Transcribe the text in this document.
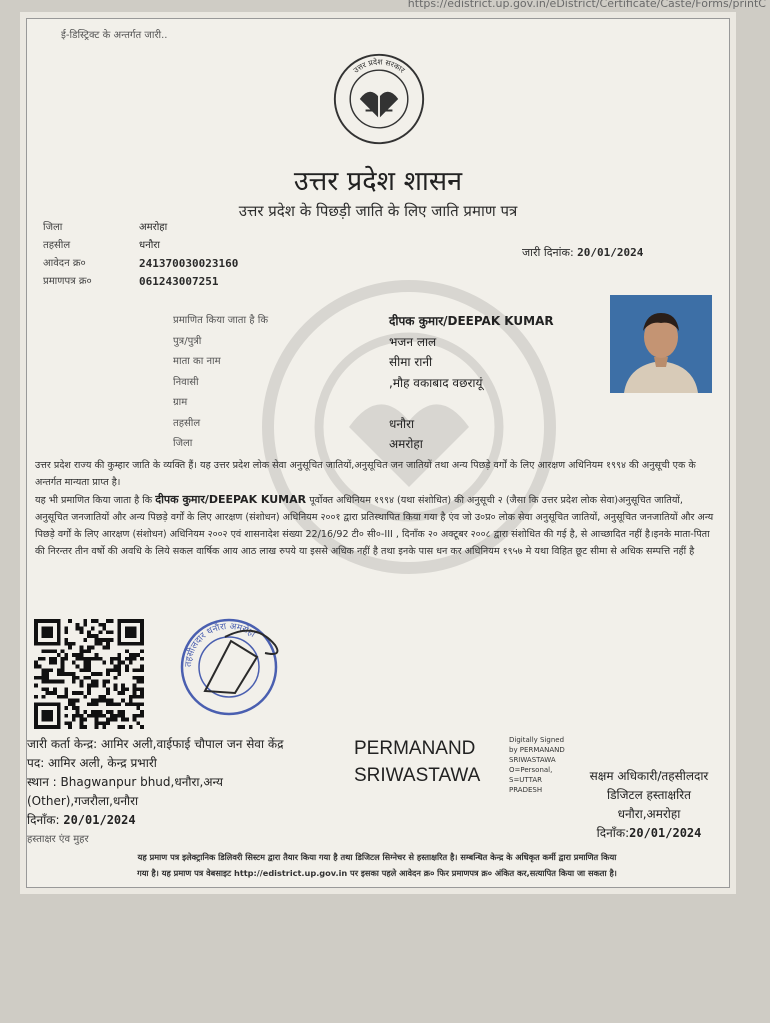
https://edistrict.up.gov.in/eDistrict/Certificate/Caste/Forms/printC
ई-डिस्ट्रिक्ट के अन्तर्गत जारी..
उत्तर प्रदेश सरकार
उत्तर प्रदेश शासन
उत्तर प्रदेश के पिछड़ी जाति के लिए जाति प्रमाण पत्र
जिला	अमरोहा
तहसील	धनौरा
आवेदन क्र०	241370030023160
प्रमाणपत्र क्र०	061243007251
जारी दिनांक: 20/01/2024
प्रमाणित किया जाता है कि	दीपक कुमार/DEEPAK KUMAR
पुत्र/पुत्री	भजन लाल
माता का नाम	सीमा रानी
निवासी	,मौह वकाबाद वछरायूं
ग्राम
तहसील	धनौरा
जिला	अमरोहा
उत्तर प्रदेश राज्य की कुम्हार जाति के व्यक्ति हैं। यह उत्तर प्रदेश लोक सेवा अनुसूचित जातियों,अनुसूचित जन जातियों तथा अन्य पिछड़े वर्गों के लिए आरक्षण अधिनियम १९९४ की अनुसूची एक के अन्तर्गत मान्यता प्राप्त है।
यह भी प्रमाणित किया जाता है कि दीपक कुमार/DEEPAK KUMAR पूर्वोक्त अधिनियम १९९४ (यथा संशोधित) की अनुसूची २ (जैसा कि उत्तर प्रदेश लोक सेवा)अनुसूचित जातियों, अनुसूचित जनजातियों और अन्य पिछड़े वर्गों के लिए आरक्षण (संशोधन) अधिनियम २००१ द्वारा प्रतिस्थापित किया गया है एंव जो उ०प्र० लोक सेवा अनुसूचित जातियों, अनुसूचित जनजातियों और अन्य पिछड़े वर्गों के लिए आरक्षण (संशोधन) अधिनियम २००२ एवं शासनादेश संख्या 22/16/92 टी० सी०-III , दिनाँक २० अक्टूबर २००८ द्वारा संशोधित की गई है, से आच्छादित नहीं है।इनके माता-पिता की निरन्तर तीन वर्षो की अवधि के लिये सकल वार्षिक आय आठ लाख रुपये या इससे अधिक नहीं है तथा इनके पास धन कर अधिनियम १९५७ मे यथा विहित छूट सीमा से अधिक सम्पत्ति नहीं है
तहसीलदार धनौरा अमरोहा
जारी कर्ता केन्द्र: आमिर अली,वाईफाई चौपाल जन सेवा केंद्र
पद: आमिर अली, केन्द्र प्रभारी
स्थान : Bhagwanpur bhud,धनौरा,अन्य (Other),गजरौला,धनौरा
दिनाँक: 20/01/2024
हस्ताक्षर एंव मुहर
PERMANAND
SRIWASTAWA
Digitally Signed by PERMANAND SRIWASTAWA O=Personal, S=UTTAR PRADESH
सक्षम अधिकारी/तहसीलदार
डिजिटल हस्ताक्षरित
धनौरा,अमरोहा
दिनाँक:20/01/2024
यह प्रमाण पत्र इलेक्ट्रानिक डिलिवरी सिस्टम द्वारा तैयार किया गया है तथा डिजिटल सिग्नेचर से हस्ताक्षरित है। सम्बन्धित केन्द्र के अधिकृत कर्मी द्वारा प्रमाणित किया
गया है। यह प्रमाण पत्र वेबसाइट http://edistrict.up.gov.in पर इसका पहले आवेदन क्र० फिर प्रमाणपत्र क्र० अंकित कर,सत्यापित किया जा सकता है।
